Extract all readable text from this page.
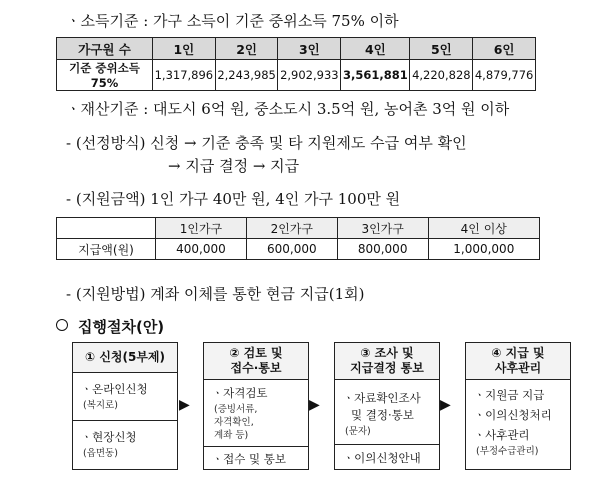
ㆍ소득기준 : 가구 소득이 기준 중위소득 75% 이하
가구원 수	1인	2인	3인	4인	5인	6인
기준 중위소득 75%	1,317,896	2,243,985	2,902,933	3,561,881	4,220,828	4,879,776
ㆍ재산기준 : 대도시 6억 원, 중소도시 3.5억 원, 농어촌 3억 원 이하
- (선정방식) 신청 → 기준 충족 및 타 지원제도 수급 여부 확인
→ 지급 결정 → 지급
- (지원금액) 1인 가구 40만 원, 4인 가구 100만 원
	1인가구	2인가구	3인가구	4인 이상
지급액(원)	400,000	600,000	800,000	1,000,000
- (지원방법) 계좌 이체를 통한 현금 지급(1회)
집행절차(안)
① 신청(5부제)
ㆍ온라인신청
(복지로)
ㆍ현장신청
(읍면동)
▶
② 검토 및
접수·통보
ㆍ자격검토
(증빙서류,
자격확인,
계좌 등)
ㆍ접수 및 통보
▶
③ 조사 및
지급결정 통보
ㆍ자료확인조사
및 결정·통보
(문자)
ㆍ이의신청안내
▶
④ 지급 및
사후관리
ㆍ지원금 지급
ㆍ이의신청처리
ㆍ사후관리
(부정수급관리)
